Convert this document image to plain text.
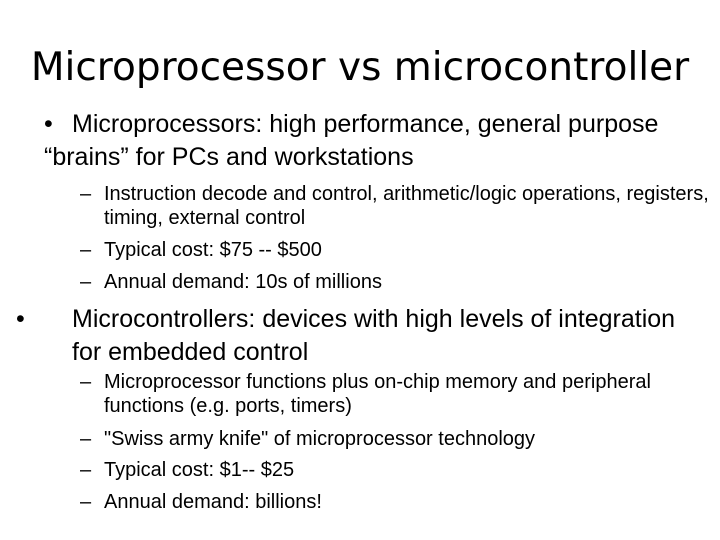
Microprocessor vs microcontroller
• Microprocessors: high performance, general purpose “brains” for PCs and workstations
– Instruction decode and control, arithmetic/logic operations, registers, timing, external control
– Typical cost: $75 -- $500
– Annual demand: 10s of millions
• Microcontrollers: devices with high levels of integration for embedded control
– Microprocessor functions plus on-chip memory and peripheral functions (e.g. ports, timers)
– "Swiss army knife" of microprocessor technology
– Typical cost: $1-- $25
– Annual demand: billions!
